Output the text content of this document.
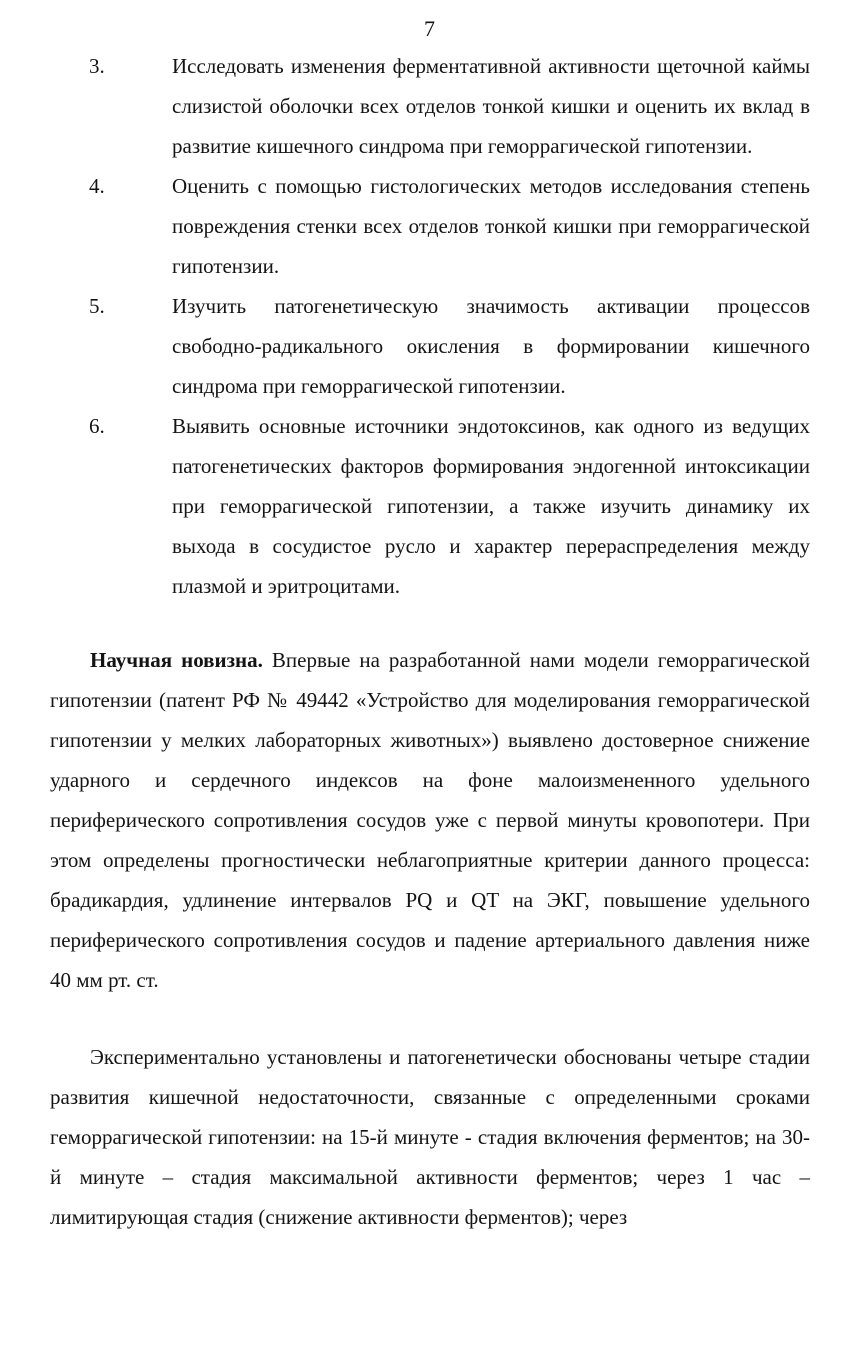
7
3.	Исследовать изменения ферментативной активности щеточной каймы слизистой оболочки всех отделов тонкой кишки и оценить их вклад в развитие кишечного синдрома при геморрагической гипотензии.
4.	Оценить с помощью гистологических методов исследования степень повреждения стенки всех отделов тонкой кишки при геморрагической гипотензии.
5.	Изучить патогенетическую значимость активации процессов свободно-радикального окисления в формировании кишечного синдрома при геморрагической гипотензии.
6.	Выявить основные источники эндотоксинов, как одного из ведущих патогенетических факторов формирования эндогенной интоксикации при геморрагической гипотензии, а также изучить динамику их выхода в сосудистое русло и характер перераспределения между плазмой и эритроцитами.

Научная новизна. Впервые на разработанной нами модели геморрагической гипотензии (патент РФ № 49442 «Устройство для моделирования геморрагической гипотензии у мелких лабораторных животных») выявлено достоверное снижение ударного и сердечного индексов на фоне малоизмененного удельного периферического сопротивления сосудов уже с первой минуты кровопотери. При этом определены прогностически неблагоприятные критерии данного процесса: брадикардия, удлинение интервалов PQ и QT на ЭКГ, повышение удельного периферического сопротивления сосудов и падение артериального давления ниже 40 мм рт. ст.

Экспериментально установлены и патогенетически обоснованы четыре стадии развития кишечной недостаточности, связанные с определенными сроками геморрагической гипотензии: на 15-й минуте - стадия включения ферментов; на 30-й минуте – стадия максимальной активности ферментов; через 1 час – лимитирующая стадия (снижение активности ферментов); через
